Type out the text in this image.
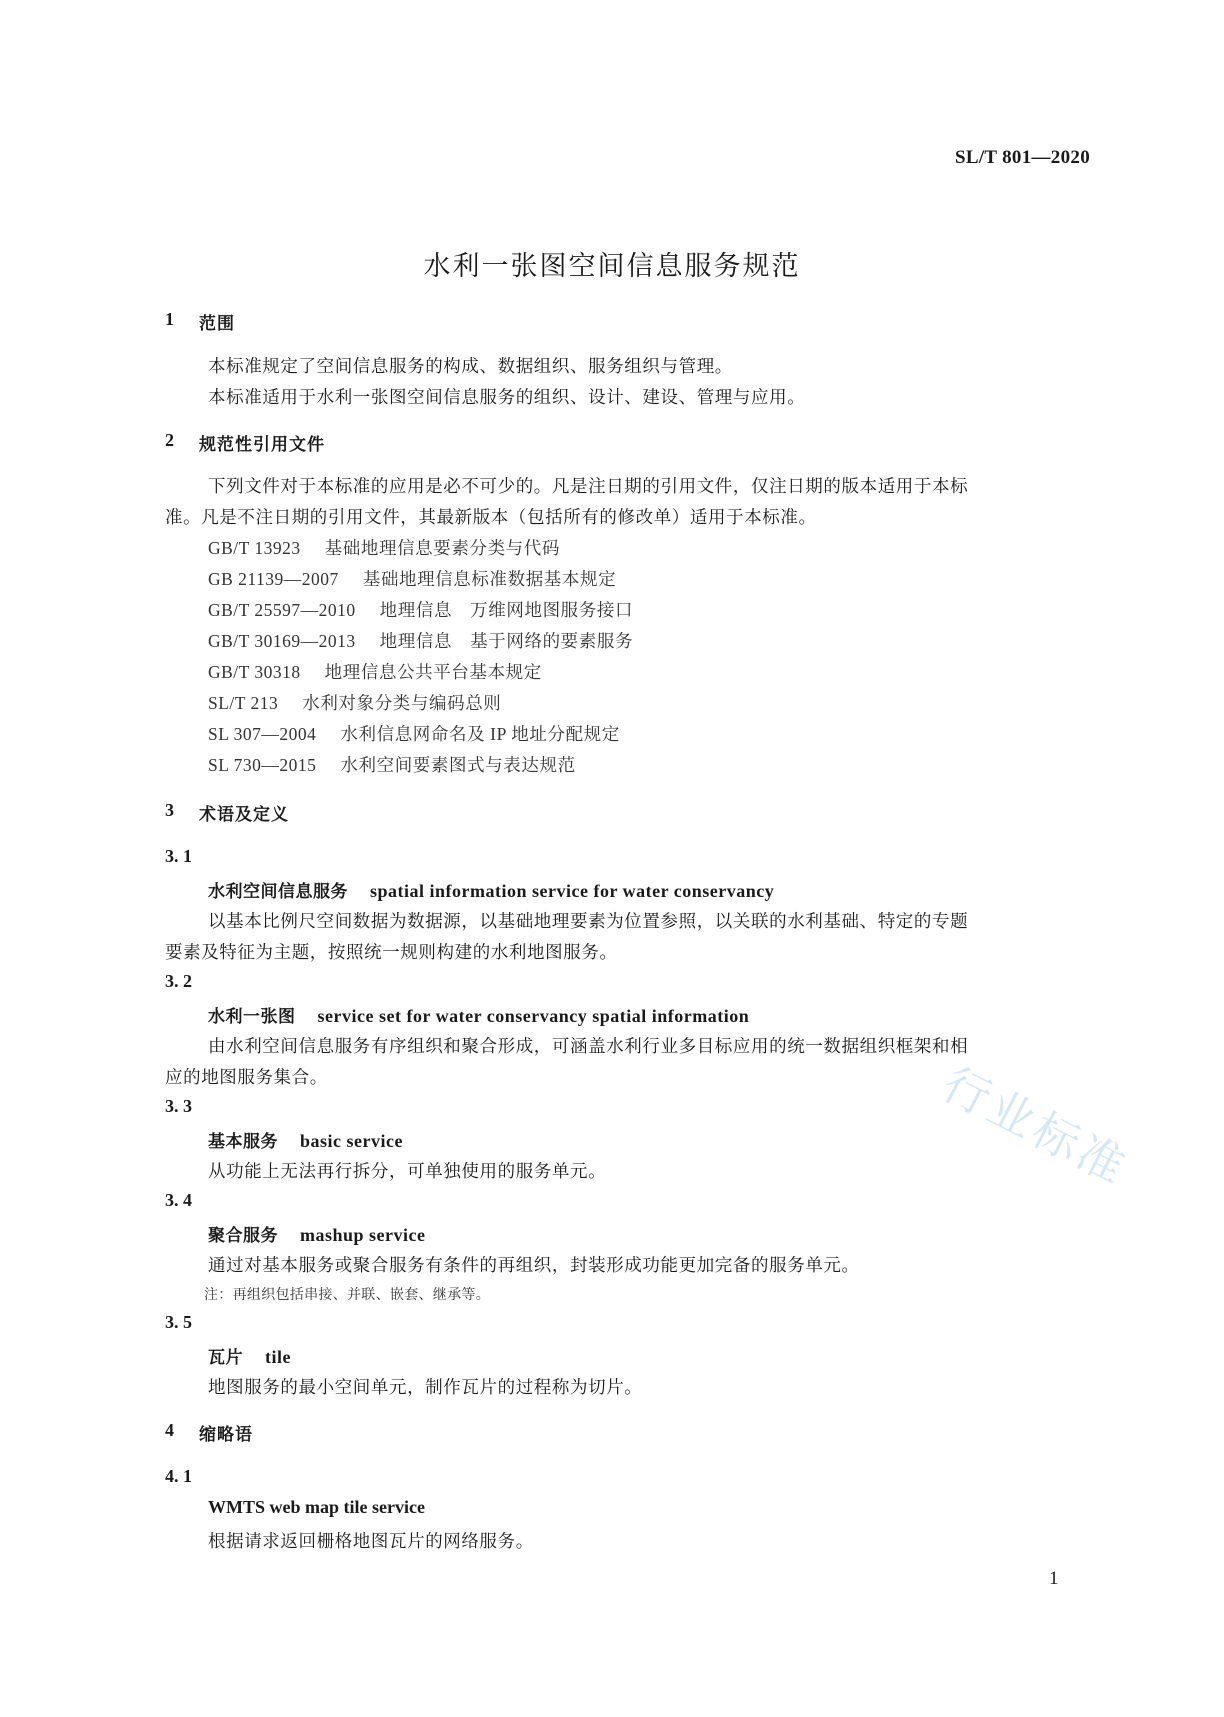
SL/T 801—2020
水利一张图空间信息服务规范
1 范围
本标准规定了空间信息服务的构成、数据组织、服务组织与管理。
本标准适用于水利一张图空间信息服务的组织、设计、建设、管理与应用。
2 规范性引用文件
下列文件对于本标准的应用是必不可少的。凡是注日期的引用文件，仅注日期的版本适用于本标
准。凡是不注日期的引用文件，其最新版本（包括所有的修改单）适用于本标准。
GB/T 13923 基础地理信息要素分类与代码
GB 21139—2007 基础地理信息标准数据基本规定
GB/T 25597—2010 地理信息　万维网地图服务接口
GB/T 30169—2013 地理信息　基于网络的要素服务
GB/T 30318 地理信息公共平台基本规定
SL/T 213 水利对象分类与编码总则
SL 307—2004 水利信息网命名及 IP 地址分配规定
SL 730—2015 水利空间要素图式与表达规范
3 术语及定义
3. 1
水利空间信息服务 spatial information service for water conservancy
以基本比例尺空间数据为数据源，以基础地理要素为位置参照，以关联的水利基础、特定的专题
要素及特征为主题，按照统一规则构建的水利地图服务。
3. 2
水利一张图 service set for water conservancy spatial information
由水利空间信息服务有序组织和聚合形成，可涵盖水利行业多目标应用的统一数据组织框架和相
应的地图服务集合。
3. 3
基本服务 basic service
从功能上无法再行拆分，可单独使用的服务单元。
3. 4
聚合服务 mashup service
通过对基本服务或聚合服务有条件的再组织，封装形成功能更加完备的服务单元。
注：再组织包括串接、并联、嵌套、继承等。
3. 5
瓦片 tile
地图服务的最小空间单元，制作瓦片的过程称为切片。
4 缩略语
4. 1
WMTS web map tile service
根据请求返回栅格地图瓦片的网络服务。
1
行业标准
